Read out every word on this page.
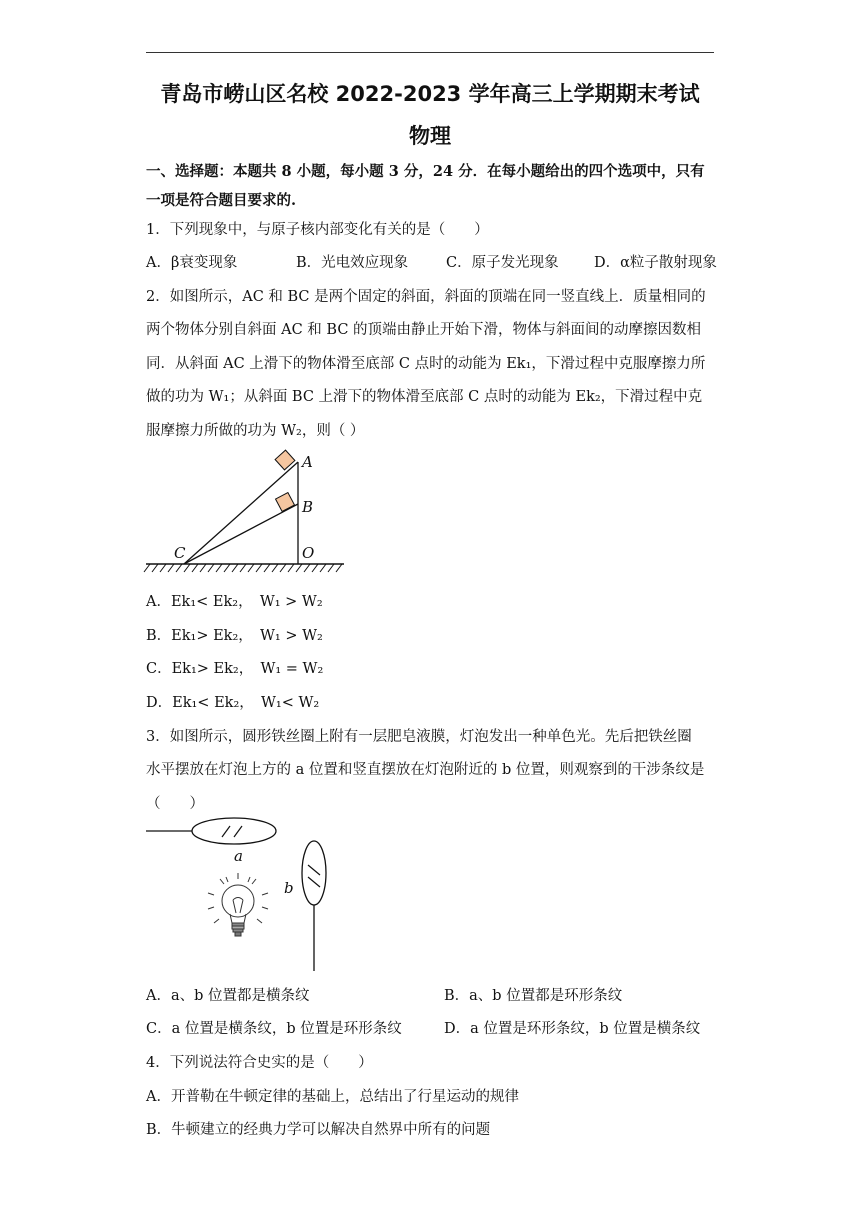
青岛市崂山区名校 2022-2023 学年高三上学期期末考试
物理
一、选择题：本题共 8 小题，每小题 3 分，24 分．在每小题给出的四个选项中，只有
一项是符合题目要求的.
1．下列现象中，与原子核内部变化有关的是（　　）
A．β衰变现象	B．光电效应现象	C．原子发光现象 D．α粒子散射现象
2．如图所示，AC 和 BC 是两个固定的斜面，斜面的顶端在同一竖直线上．质量相同的
两个物体分别自斜面 AC 和 BC 的顶端由静止开始下滑，物体与斜面间的动摩擦因数相
同．从斜面 AC 上滑下的物体滑至底部 C 点时的动能为 Ek₁，下滑过程中克服摩擦力所
做的功为 W₁；从斜面 BC 上滑下的物体滑至底部 C 点时的动能为 Ek₂，下滑过程中克
服摩擦力所做的功为 W₂，则（ ）
A
B
C	O
A．Ek₁< Ek₂，　W₁ > W₂
B．Ek₁> Ek₂，　W₁ > W₂
C．Ek₁> Ek₂，　W₁ = W₂
D．Ek₁< Ek₂，　W₁< W₂
3．如图所示，圆形铁丝圈上附有一层肥皂液膜，灯泡发出一种单色光。先后把铁丝圈
水平摆放在灯泡上方的 a 位置和竖直摆放在灯泡附近的 b 位置，则观察到的干涉条纹是
（　　）
a
b
A．a、b 位置都是横条纹	B．a、b 位置都是环形条纹
C．a 位置是横条纹，b 位置是环形条纹	D．a 位置是环形条纹，b 位置是横条纹
4．下列说法符合史实的是（　　）
A．开普勒在牛顿定律的基础上，总结出了行星运动的规律
B．牛顿建立的经典力学可以解决自然界中所有的问题
